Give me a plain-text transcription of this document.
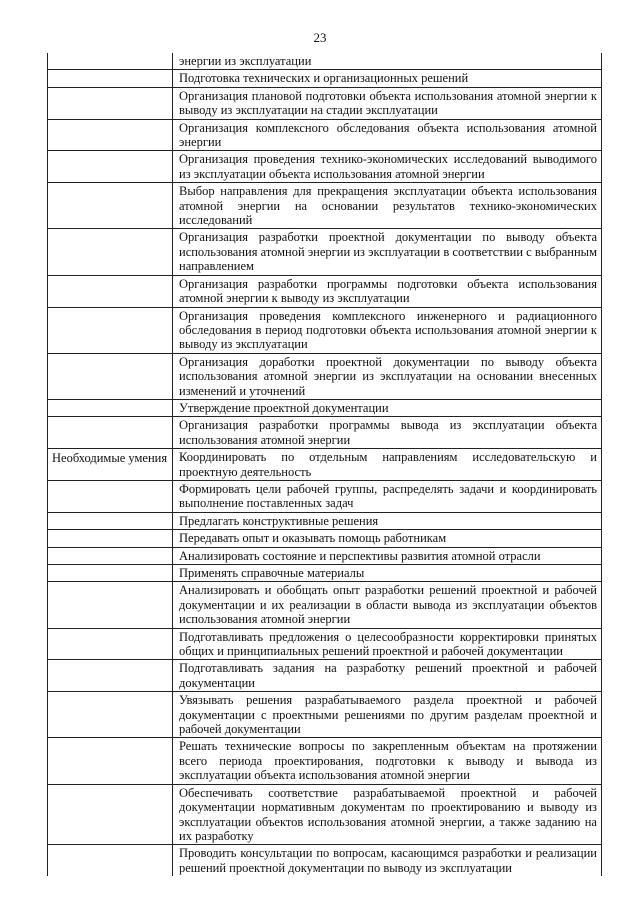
23
энергии из эксплуатации
Подготовка технических и организационных решений
Организация плановой подготовки объекта использования атомной энергии к выводу из эксплуатации на стадии эксплуатации
Организация комплексного обследования объекта использования атомной энергии
Организация проведения технико-экономических исследований выводимого из эксплуатации объекта использования атомной энергии
Выбор направления для прекращения эксплуатации объекта использования атомной энергии на основании результатов технико-экономических исследований
Организация разработки проектной документации по выводу объекта использования атомной энергии из эксплуатации в соответствии с выбранным направлением
Организация разработки программы подготовки объекта использования атомной энергии к выводу из эксплуатации
Организация проведения комплексного инженерного и радиационного обследования в период подготовки объекта использования атомной энергии к выводу из эксплуатации
Организация доработки проектной документации по выводу объекта использования атомной энергии из эксплуатации на основании внесенных изменений и уточнений
Утверждение проектной документации
Организация разработки программы вывода из эксплуатации объекта использования атомной энергии
Необходимые умения Координировать по отдельным направлениям исследовательскую и проектную деятельность
Формировать цели рабочей группы, распределять задачи и координировать выполнение поставленных задач
Предлагать конструктивные решения
Передавать опыт и оказывать помощь работникам
Анализировать состояние и перспективы развития атомной отрасли
Применять справочные материалы
Анализировать и обобщать опыт разработки решений проектной и рабочей документации и их реализации в области вывода из эксплуатации объектов использования атомной энергии
Подготавливать предложения о целесообразности корректировки принятых общих и принципиальных решений проектной и рабочей документации
Подготавливать задания на разработку решений проектной и рабочей документации
Увязывать решения разрабатываемого раздела проектной и рабочей документации с проектными решениями по другим разделам проектной и рабочей документации
Решать технические вопросы по закрепленным объектам на протяжении всего периода проектирования, подготовки к выводу и вывода из эксплуатации объекта использования атомной энергии
Обеспечивать соответствие разрабатываемой проектной и рабочей документации нормативным документам по проектированию и выводу из эксплуатации объектов использования атомной энергии, а также заданию на их разработку
Проводить консультации по вопросам, касающимся разработки и реализации решений проектной документации по выводу из эксплуатации
